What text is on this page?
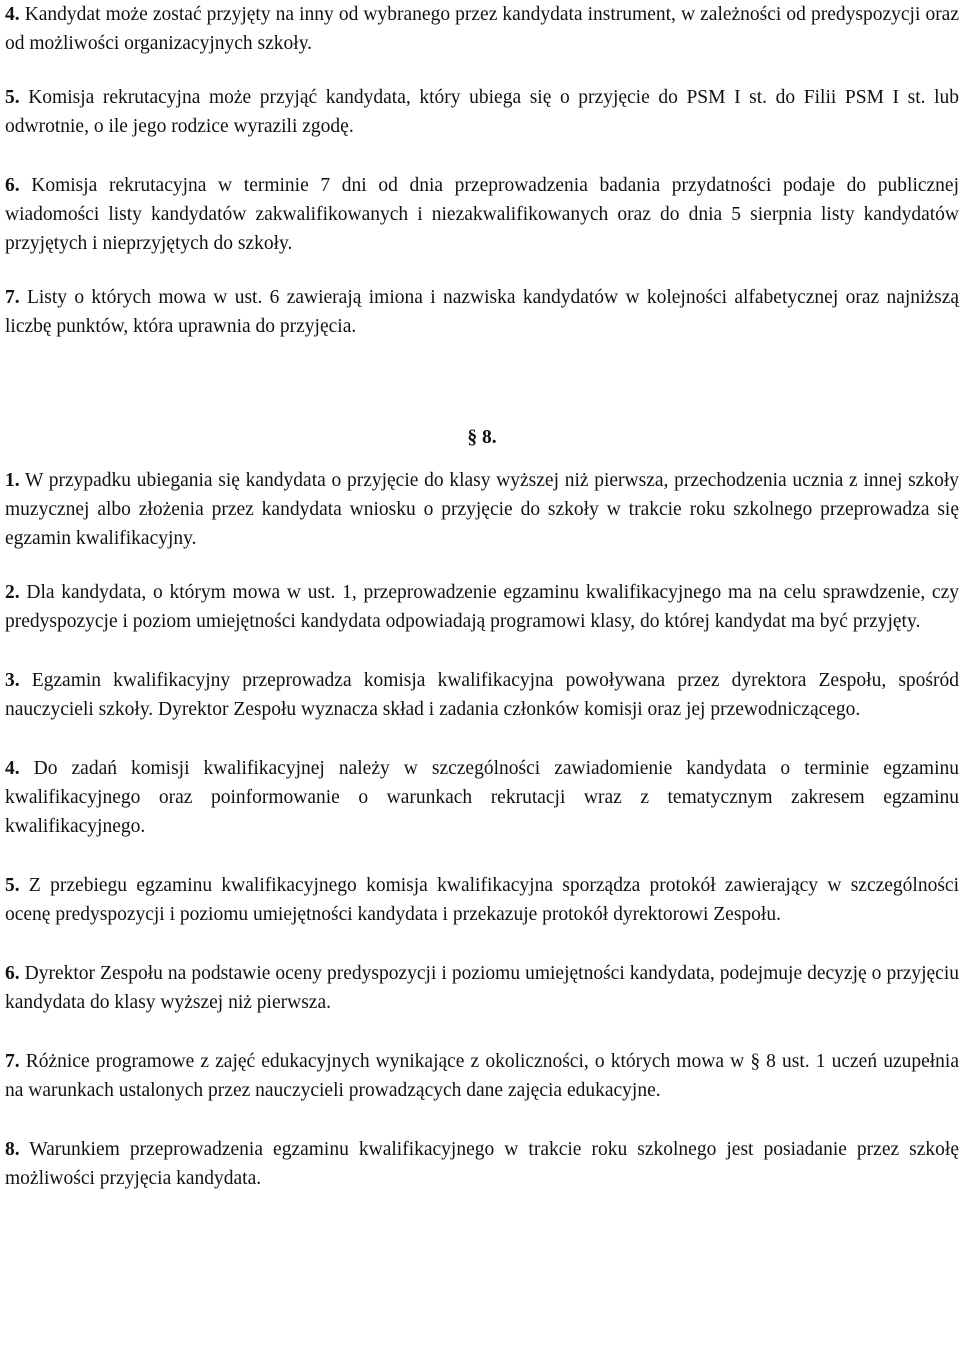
4. Kandydat może zostać przyjęty na inny od wybranego przez kandydata instrument, w zależności od predyspozycji oraz od możliwości organizacyjnych szkoły.

5. Komisja rekrutacyjna może przyjąć kandydata, który ubiega się o przyjęcie do PSM I st. do Filii PSM I st. lub odwrotnie, o ile jego rodzice wyrazili zgodę.

6. Komisja rekrutacyjna w terminie 7 dni od dnia przeprowadzenia badania przydatności podaje do publicznej wiadomości listy kandydatów zakwalifikowanych i niezakwalifikowanych oraz do dnia 5 sierpnia listy kandydatów przyjętych i nieprzyjętych do szkoły.

7. Listy o których mowa w ust. 6 zawierają imiona i nazwiska kandydatów w kolejności alfabetycznej oraz najniższą liczbę punktów, która uprawnia do przyjęcia.

§ 8.

1. W przypadku ubiegania się kandydata o przyjęcie do klasy wyższej niż pierwsza, przechodzenia ucznia z innej szkoły muzycznej albo złożenia przez kandydata wniosku o przyjęcie do szkoły w trakcie roku szkolnego przeprowadza się egzamin kwalifikacyjny.

2. Dla kandydata, o którym mowa w ust. 1, przeprowadzenie egzaminu kwalifikacyjnego ma na celu sprawdzenie, czy predyspozycje i poziom umiejętności kandydata odpowiadają programowi klasy, do której kandydat ma być przyjęty.

3. Egzamin kwalifikacyjny przeprowadza komisja kwalifikacyjna powoływana przez dyrektora Zespołu, spośród nauczycieli szkoły. Dyrektor Zespołu wyznacza skład i zadania członków komisji oraz jej przewodniczącego.

4. Do zadań komisji kwalifikacyjnej należy w szczególności zawiadomienie kandydata o terminie egzaminu kwalifikacyjnego oraz poinformowanie o warunkach rekrutacji wraz z tematycznym zakresem egzaminu kwalifikacyjnego.

5. Z przebiegu egzaminu kwalifikacyjnego komisja kwalifikacyjna sporządza protokół zawierający w szczególności ocenę predyspozycji i poziomu umiejętności kandydata i przekazuje protokół dyrektorowi Zespołu.

6. Dyrektor Zespołu na podstawie oceny predyspozycji i poziomu umiejętności kandydata, podejmuje decyzję o przyjęciu kandydata do klasy wyższej niż pierwsza.

7. Różnice programowe z zajęć edukacyjnych wynikające z okoliczności, o których mowa w § 8 ust. 1 uczeń uzupełnia na warunkach ustalonych przez nauczycieli prowadzących dane zajęcia edukacyjne.

8. Warunkiem przeprowadzenia egzaminu kwalifikacyjnego w trakcie roku szkolnego jest posiadanie przez szkołę możliwości przyjęcia kandydata.
